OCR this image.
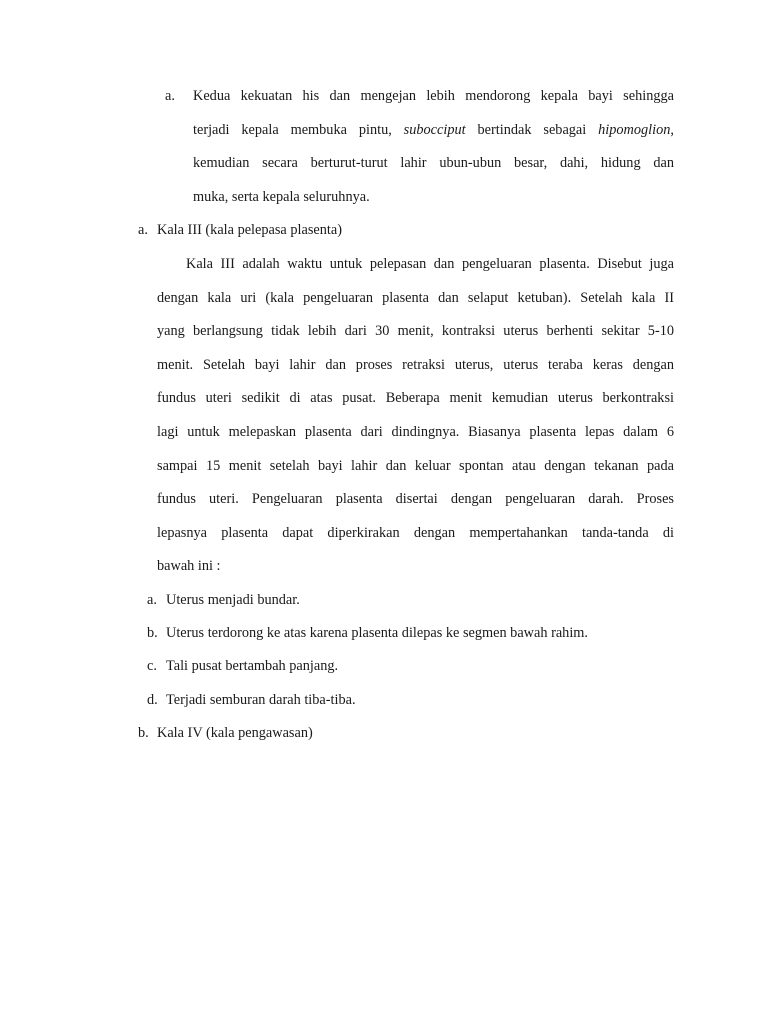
a. Kedua kekuatan his dan mengejan lebih mendorong kepala bayi sehingga
terjadi kepala membuka pintu, subocciput bertindak sebagai hipomoglion,
kemudian secara berturut-turut lahir ubun-ubun besar, dahi, hidung dan
muka, serta kepala seluruhnya.
a. Kala III (kala pelepasa plasenta)
Kala III adalah waktu untuk pelepasan dan pengeluaran plasenta. Disebut juga
dengan kala uri (kala pengeluaran plasenta dan selaput ketuban). Setelah kala II
yang berlangsung tidak lebih dari 30 menit, kontraksi uterus berhenti sekitar 5-10
menit. Setelah bayi lahir dan proses retraksi uterus, uterus teraba keras dengan
fundus uteri sedikit di atas pusat. Beberapa menit kemudian uterus berkontraksi
lagi untuk melepaskan plasenta dari dindingnya. Biasanya plasenta lepas dalam 6
sampai 15 menit setelah bayi lahir dan keluar spontan atau dengan tekanan pada
fundus uteri. Pengeluaran plasenta disertai dengan pengeluaran darah. Proses
lepasnya plasenta dapat diperkirakan dengan mempertahankan tanda-tanda di
bawah ini :
a. Uterus menjadi bundar.
b. Uterus terdorong ke atas karena plasenta dilepas ke segmen bawah rahim.
c. Tali pusat bertambah panjang.
d. Terjadi semburan darah tiba-tiba.
b. Kala IV (kala pengawasan)
